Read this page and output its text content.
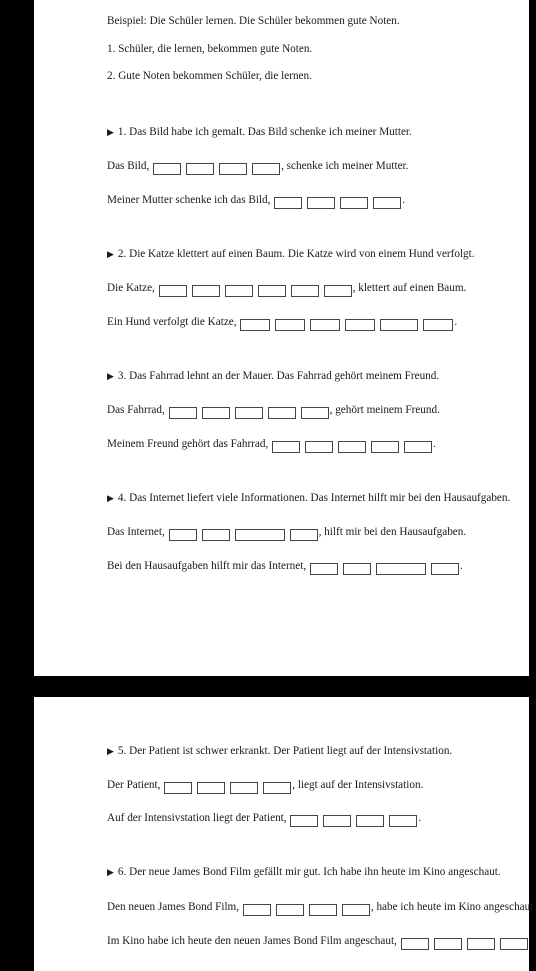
Beispiel: Die Schüler lernen. Die Schüler bekommen gute Noten.
1. Schüler, die lernen, bekommen gute Noten.
2. Gute Noten bekommen Schüler, die lernen.
▶ 1. Das Bild habe ich gemalt. Das Bild schenke ich meiner Mutter.
Das Bild,	, schenke ich meiner Mutter.
Meiner Mutter schenke ich das Bild,	.
▶ 2. Die Katze klettert auf einen Baum. Die Katze wird von einem Hund verfolgt.
Die Katze,	, klettert auf einen Baum.
Ein Hund verfolgt die Katze,	.
▶ 3. Das Fahrrad lehnt an der Mauer. Das Fahrrad gehört meinem Freund.
Das Fahrrad,	, gehört meinem Freund.
Meinem Freund gehört das Fahrrad,	.
▶ 4. Das Internet liefert viele Informationen. Das Internet hilft mir bei den Hausaufgaben.
Das Internet,	, hilft mir bei den Hausaufgaben.
Bei den Hausaufgaben hilft mir das Internet,	.
▶ 5. Der Patient ist schwer erkrankt. Der Patient liegt auf der Intensivstation.
Der Patient,	, liegt auf der Intensivstation.
Auf der Intensivstation liegt der Patient,	.
▶ 6. Der neue James Bond Film gefällt mir gut. Ich habe ihn heute im Kino angeschaut.
Den neuen James Bond Film,	, habe ich heute im Kino angeschaut.
Im Kino habe ich heute den neuen James Bond Film angeschaut,	.
